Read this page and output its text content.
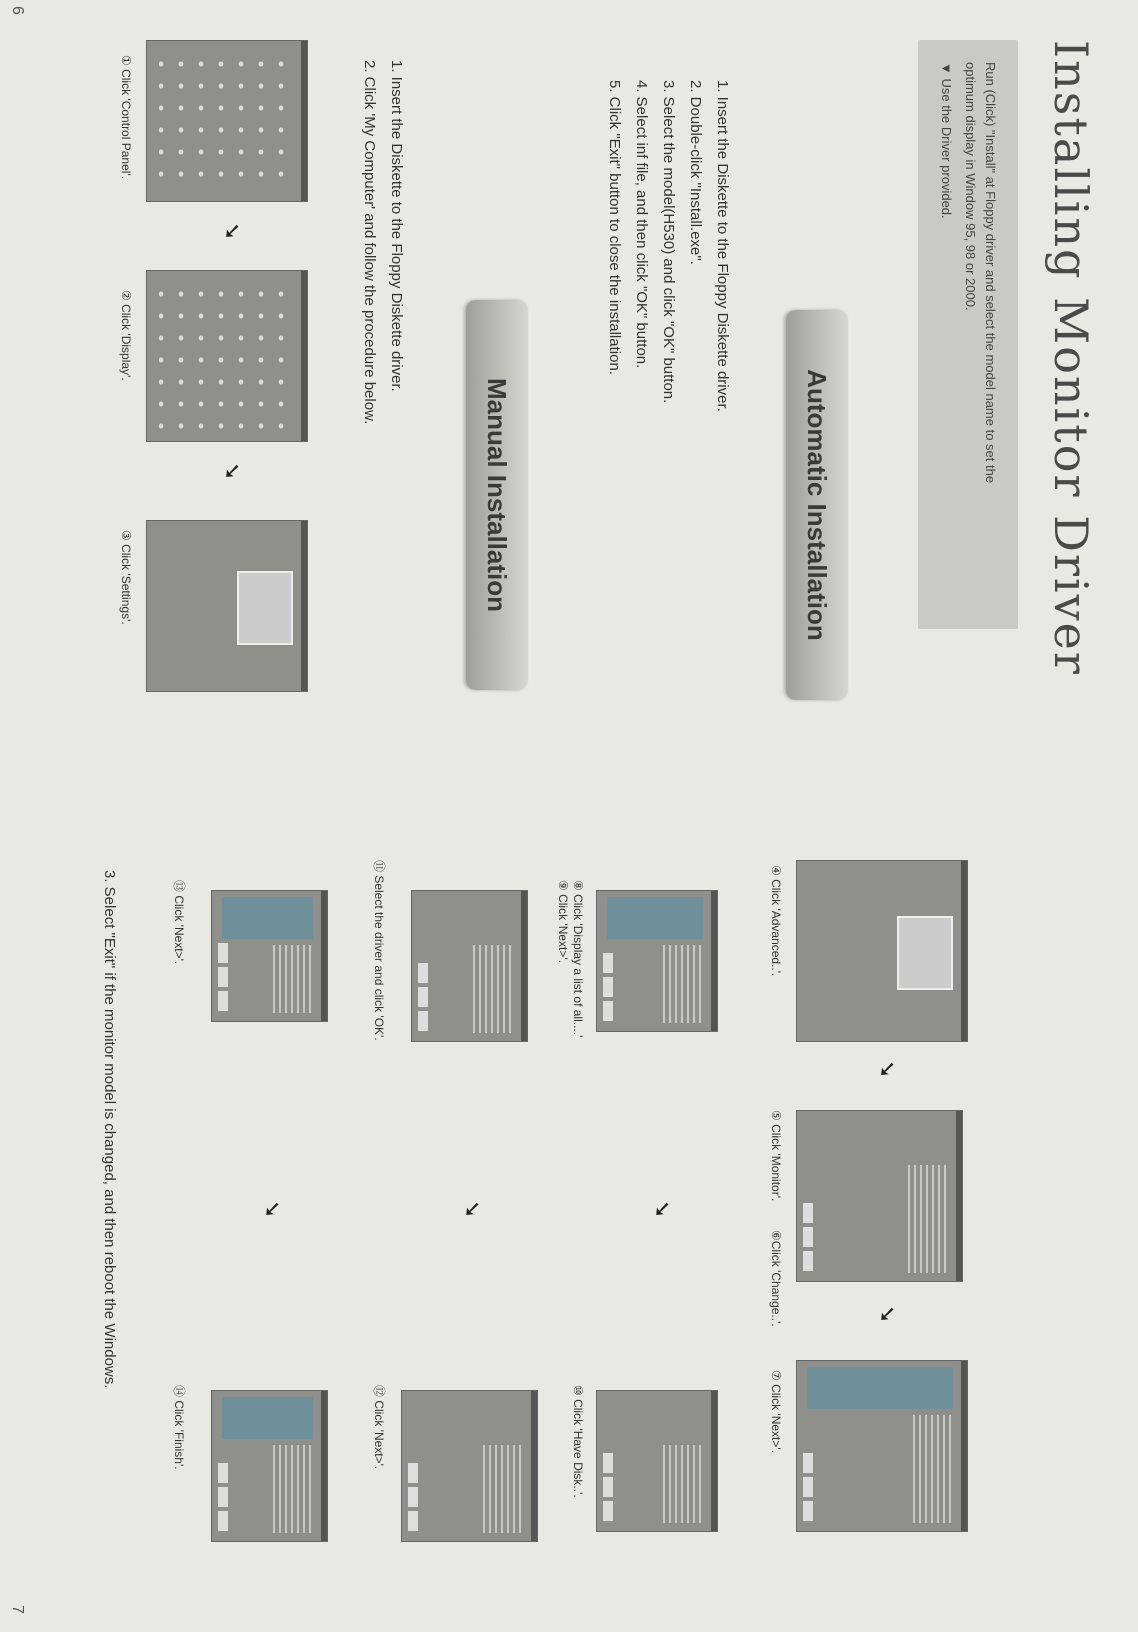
6
Installing Monitor Driver
Run (Click) "Install" at Floppy driver and select the model name to set the
optimum display in Window 95, 98 or 2000.
▼ Use the Driver provided.
Automatic Installation
1. Insert the Diskette to the Floppy Diskette driver.
2. Double-click "Install.exe".
3. Select the model(H530) and click "OK" button.
4. Select inf file, and then click "OK" button.
5. Click "Exit" button to close the installation.
Manual Installation
1. Insert the Diskette to the Floppy Diskette driver.
2. Click 'My Computer' and follow the procedure below.
➘
➘
① Click 'Control Panel'.
② Click 'Display'.
③ Click 'Settings'.
7
➘
➘
④ Click 'Advanced..'.
⑤ Click 'Monitor'.
⑥Click 'Change..'.
⑦ Click 'Next>'.
➘
⑧ Click 'Display a list of all....'
⑨ Click 'Next>'.
⑩ Click 'Have Disk..'.
➘
⑪ Select the driver and click 'OK'.
⑫ Click 'Next>'.
➘
⑬ Click 'Next>'.
⑭ Click 'Finish'.
3. Select "Exit" if the monitor model is changed, and then reboot the Windows.
